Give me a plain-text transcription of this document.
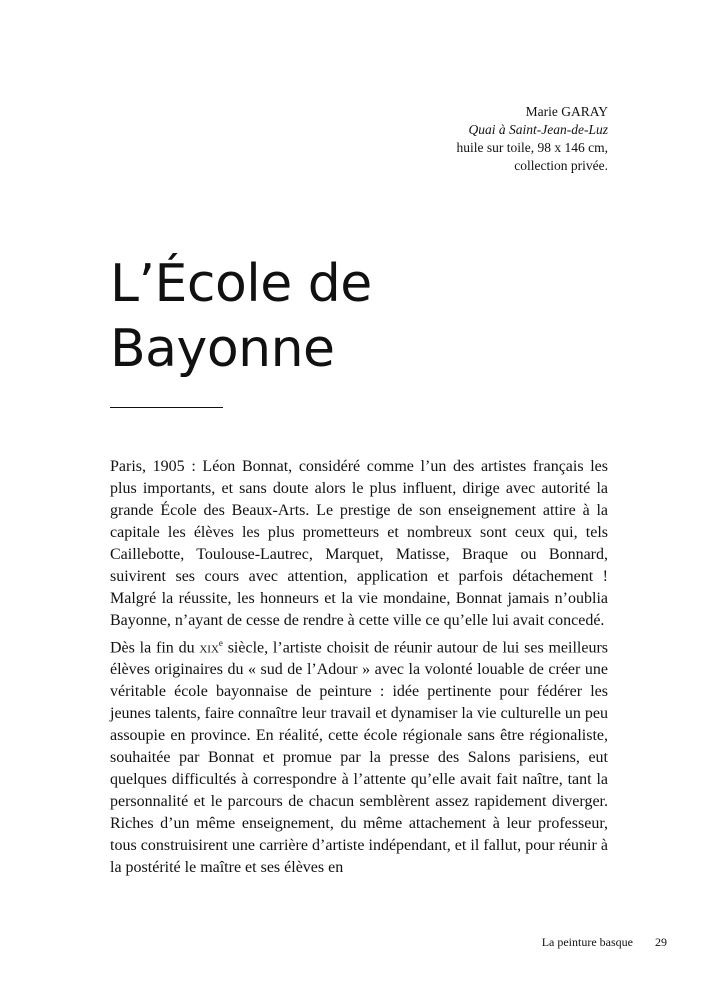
Marie GARAY
Quai à Saint-Jean-de-Luz
huile sur toile, 98 x 146 cm,
collection privée.
L’École de
Bayonne

Paris, 1905 : Léon Bonnat, considéré comme l’un des artistes français les plus importants, et sans doute alors le plus influent, dirige avec autorité la grande École des Beaux-Arts. Le prestige de son enseignement attire à la capitale les élèves les plus prometteurs et nombreux sont ceux qui, tels Caillebotte, Toulouse-Lautrec, Marquet, Matisse, Braque ou Bonnard, suivirent ses cours avec attention, application et parfois détachement ! Malgré la réussite, les honneurs et la vie mondaine, Bonnat jamais n’oublia Bayonne, n’ayant de cesse de rendre à cette ville ce qu’elle lui avait concedé.

Dès la fin du xix$^e$ siècle, l’artiste choisit de réunir autour de lui ses meilleurs élèves originaires du « sud de l’Adour » avec la volonté louable de créer une véritable école bayonnaise de peinture : idée pertinente pour fédérer les jeunes talents, faire connaître leur travail et dynamiser la vie culturelle un peu assoupie en province. En réalité, cette école régionale sans être régionaliste, souhaitée par Bonnat et promue par la presse des Salons parisiens, eut quelques difficultés à correspondre à l’attente qu’elle avait fait naître, tant la personnalité et le parcours de chacun semblèrent assez rapidement diverger. Riches d’un même enseignement, du même attachement à leur professeur, tous construisirent une carrière d’artiste indépendant, et il fallut, pour réunir à la postérité le maître et ses élèves en

La peinture basque 29
